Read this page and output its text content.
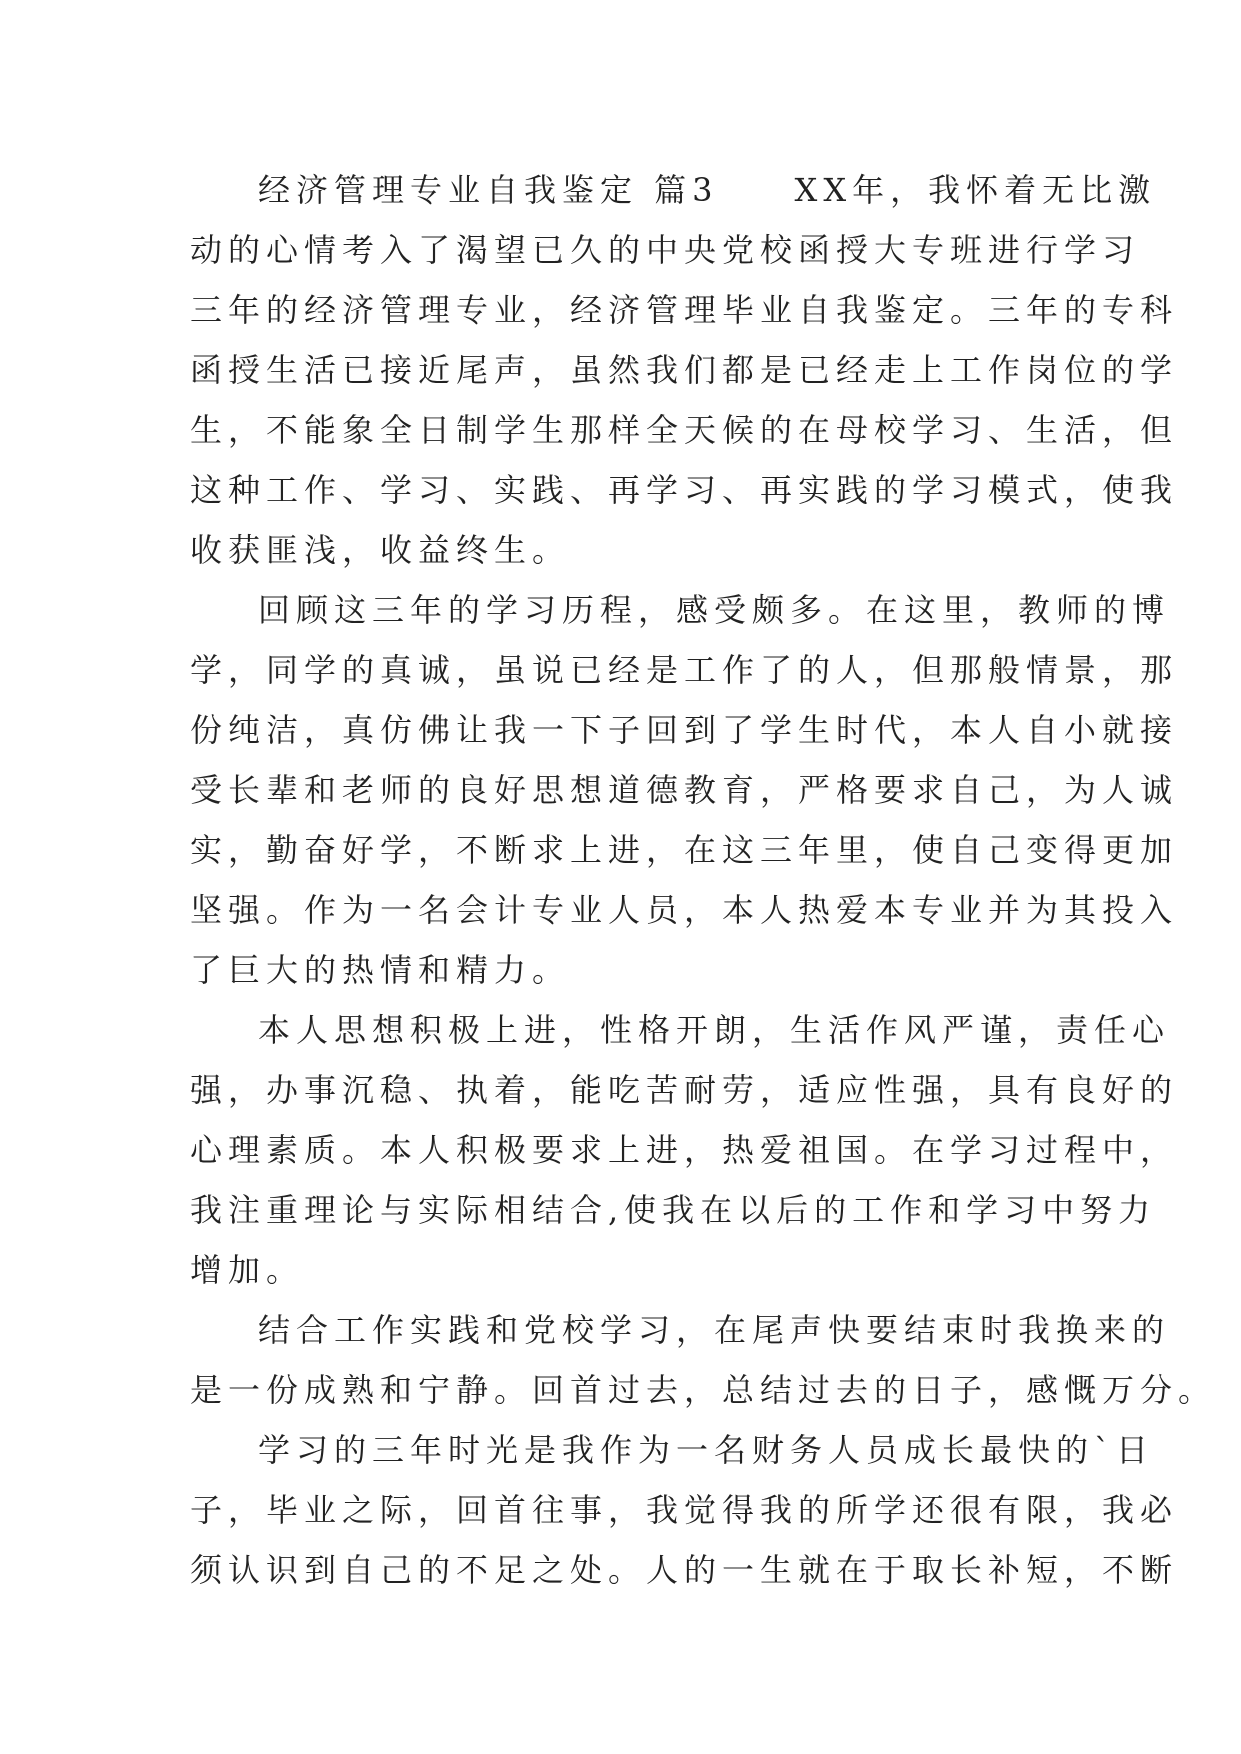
经济管理专业自我鉴定 篇3　　XX年，我怀着无比激
动的心情考入了渴望已久的中央党校函授大专班进行学习
三年的经济管理专业，经济管理毕业自我鉴定。三年的专科
函授生活已接近尾声，虽然我们都是已经走上工作岗位的学
生，不能象全日制学生那样全天候的在母校学习、生活，但
这种工作、学习、实践、再学习、再实践的学习模式，使我
收获匪浅，收益终生。
回顾这三年的学习历程，感受颇多。在这里，教师的博
学，同学的真诚，虽说已经是工作了的人，但那般情景，那
份纯洁，真仿佛让我一下子回到了学生时代，本人自小就接
受长辈和老师的良好思想道德教育，严格要求自己，为人诚
实，勤奋好学，不断求上进，在这三年里，使自己变得更加
坚强。作为一名会计专业人员，本人热爱本专业并为其投入
了巨大的热情和精力。
本人思想积极上进，性格开朗，生活作风严谨，责任心
强，办事沉稳、执着，能吃苦耐劳，适应性强，具有良好的
心理素质。本人积极要求上进，热爱祖国。在学习过程中，
我注重理论与实际相结合,使我在以后的工作和学习中努力
增加。
结合工作实践和党校学习，在尾声快要结束时我换来的
是一份成熟和宁静。回首过去，总结过去的日子，感慨万分。
学习的三年时光是我作为一名财务人员成长最快的`日
子，毕业之际，回首往事，我觉得我的所学还很有限，我必
须认识到自己的不足之处。人的一生就在于取长补短，不断
